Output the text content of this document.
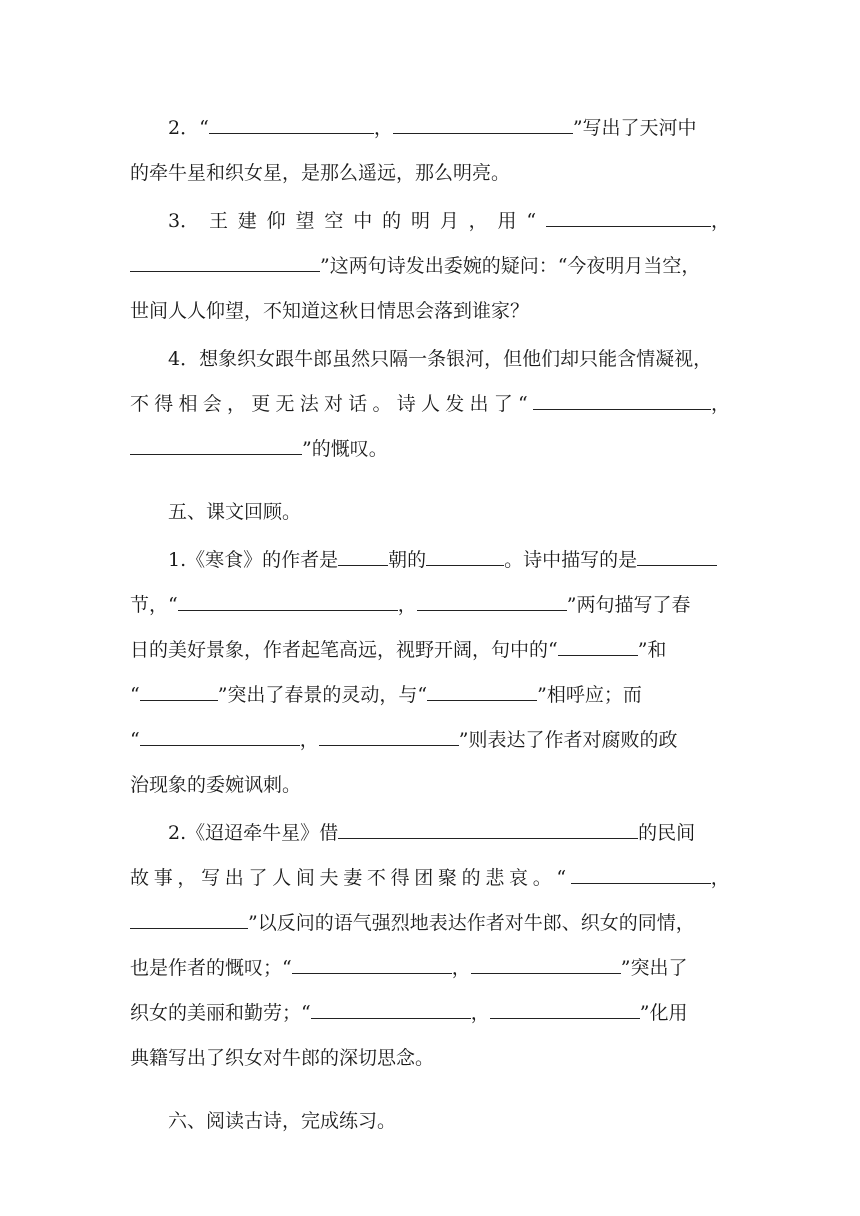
2．“	，	”写出了天河中
的牵牛星和织女星，是那么遥远，那么明亮。
3． 王 建 仰 望 空 中 的 明 月 ， 用 “	，
”这两句诗发出委婉的疑问：“今夜明月当空，
世间人人仰望，不知道这秋日情思会落到谁家？
4．想象织女跟牛郎虽然只隔一条银河，但他们却只能含情凝视，
不 得 相 会 ， 更 无 法 对 话 。 诗 人 发 出 了 “	，
”的慨叹。
五、课文回顾。
1.《寒食》的作者是	朝的	。诗中描写的是
节，“	，	”两句描写了春
日的美好景象，作者起笔高远，视野开阔，句中的“	”和
“	”突出了春景的灵动，与“	”相呼应；而
“	，	”则表达了作者对腐败的政
治现象的委婉讽刺。
2.《迢迢牵牛星》借	的民间
故 事 ， 写 出 了 人 间 夫 妻 不 得 团 聚 的 悲 哀 。 “	，
”以反问的语气强烈地表达作者对牛郎、织女的同情，
也是作者的慨叹；“	，	”突出了
织女的美丽和勤劳；“	，	”化用
典籍写出了织女对牛郎的深切思念。
六、阅读古诗，完成练习。
